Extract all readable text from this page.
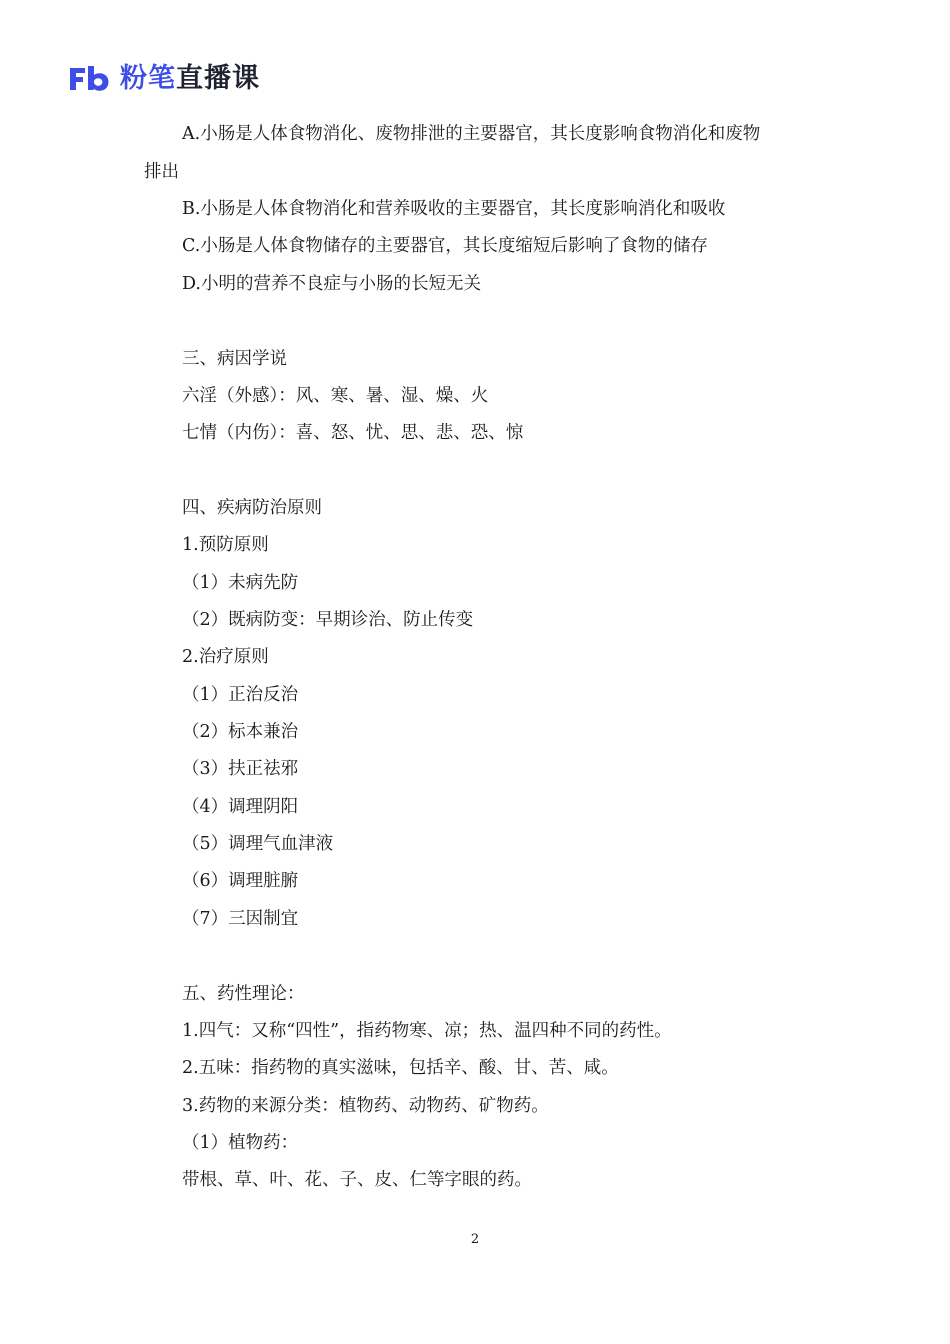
粉笔直播课
A.小肠是人体食物消化、废物排泄的主要器官，其长度影响食物消化和废物
排出
B.小肠是人体食物消化和营养吸收的主要器官，其长度影响消化和吸收
C.小肠是人体食物储存的主要器官，其长度缩短后影响了食物的储存
D.小明的营养不良症与小肠的长短无关
三、病因学说
六淫（外感）：风、寒、暑、湿、燥、火
七情（内伤）：喜、怒、忧、思、悲、恐、惊
四、疾病防治原则
1.预防原则
（1）未病先防
（2）既病防变：早期诊治、防止传变
2.治疗原则
（1）正治反治
（2）标本兼治
（3）扶正祛邪
（4）调理阴阳
（5）调理气血津液
（6）调理脏腑
（7）三因制宜
五、药性理论：
1.四气：又称“四性”，指药物寒、凉；热、温四种不同的药性。
2.五味：指药物的真实滋味，包括辛、酸、甘、苦、咸。
3.药物的来源分类：植物药、动物药、矿物药。
（1）植物药：
带根、草、叶、花、子、皮、仁等字眼的药。
2
